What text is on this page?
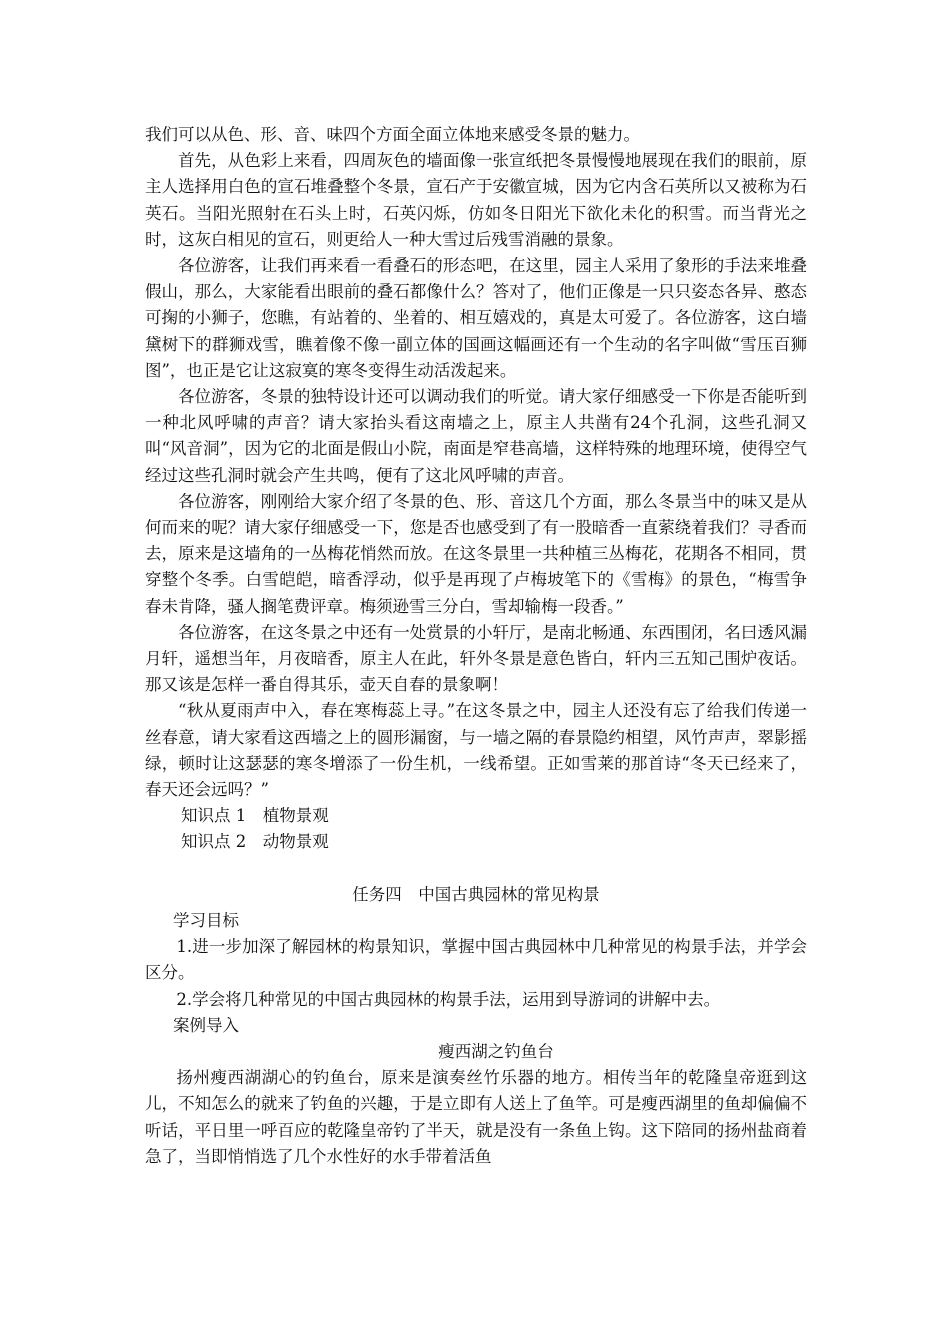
我们可以从色、形、音、味四个方面全面立体地来感受冬景的魅力。

首先，从色彩上来看，四周灰色的墙面像一张宣纸把冬景慢慢地展现在我们的眼前，原主人选择用白色的宣石堆叠整个冬景，宣石产于安徽宣城，因为它内含石英所以又被称为石英石。当阳光照射在石头上时，石英闪烁，仿如冬日阳光下欲化未化的积雪。而当背光之时，这灰白相见的宣石，则更给人一种大雪过后残雪消融的景象。

各位游客，让我们再来看一看叠石的形态吧，在这里，园主人采用了象形的手法来堆叠假山，那么，大家能看出眼前的叠石都像什么？答对了，他们正像是一只只姿态各异、憨态可掬的小狮子，您瞧，有站着的、坐着的、相互嬉戏的，真是太可爱了。各位游客，这白墙黛树下的群狮戏雪，瞧着像不像一副立体的国画这幅画还有一个生动的名字叫做“雪压百狮图”，也正是它让这寂寞的寒冬变得生动活泼起来。

各位游客，冬景的独特设计还可以调动我们的听觉。请大家仔细感受一下你是否能听到一种北风呼啸的声音？请大家抬头看这南墙之上，原主人共凿有24个孔洞，这些孔洞又叫“风音洞”，因为它的北面是假山小院，南面是窄巷高墙，这样特殊的地理环境，使得空气经过这些孔洞时就会产生共鸣，便有了这北风呼啸的声音。

各位游客，刚刚给大家介绍了冬景的色、形、音这几个方面，那么冬景当中的味又是从何而来的呢？请大家仔细感受一下，您是否也感受到了有一股暗香一直萦绕着我们？寻香而去，原来是这墙角的一丛梅花悄然而放。在这冬景里一共种植三丛梅花，花期各不相同，贯穿整个冬季。白雪皑皑，暗香浮动，似乎是再现了卢梅坡笔下的《雪梅》的景色，“梅雪争春未肯降，骚人搁笔费评章。梅须逊雪三分白，雪却输梅一段香。”

各位游客，在这冬景之中还有一处赏景的小轩厅，是南北畅通、东西围闭，名曰透风漏月轩，遥想当年，月夜暗香，原主人在此，轩外冬景是意色皆白，轩内三五知己围炉夜话。那又该是怎样一番自得其乐，壶天自春的景象啊！

“秋从夏雨声中入，春在寒梅蕊上寻。”在这冬景之中，园主人还没有忘了给我们传递一丝春意，请大家看这西墙之上的圆形漏窗，与一墙之隔的春景隐约相望，风竹声声，翠影摇绿，顿时让这瑟瑟的寒冬增添了一份生机，一线希望。正如雪莱的那首诗“冬天已经来了，春天还会远吗？”

知识点 1　植物景观

知识点 2　动物景观

任务四　中国古典园林的常见构景

学习目标

1.进一步加深了解园林的构景知识，掌握中国古典园林中几种常见的构景手法，并学会区分。

2.学会将几种常见的中国古典园林的构景手法，运用到导游词的讲解中去。

案例导入

瘦西湖之钓鱼台

扬州瘦西湖湖心的钓鱼台，原来是演奏丝竹乐器的地方。相传当年的乾隆皇帝逛到这儿，不知怎么的就来了钓鱼的兴趣，于是立即有人送上了鱼竿。可是瘦西湖里的鱼却偏偏不听话，平日里一呼百应的乾隆皇帝钓了半天，就是没有一条鱼上钩。这下陪同的扬州盐商着急了，当即悄悄选了几个水性好的水手带着活鱼
